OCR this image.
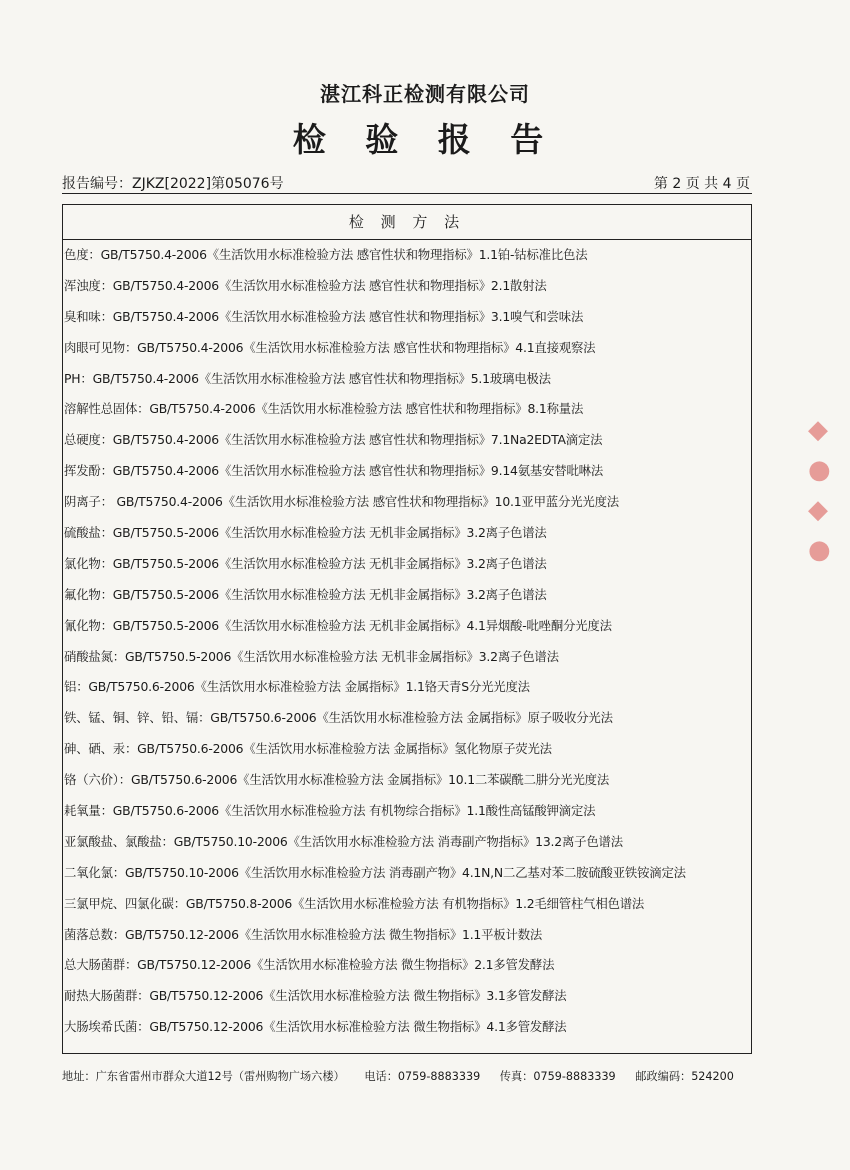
湛江科正检测有限公司
检 验 报 告
报告编号：ZJKZ[2022]第05076号	第 2 页 共 4 页
检 测 方 法
色度：GB/T5750.4-2006《生活饮用水标准检验方法 感官性状和物理指标》1.1铂-钴标准比色法
浑浊度：GB/T5750.4-2006《生活饮用水标准检验方法 感官性状和物理指标》2.1散射法
臭和味：GB/T5750.4-2006《生活饮用水标准检验方法 感官性状和物理指标》3.1嗅气和尝味法
肉眼可见物：GB/T5750.4-2006《生活饮用水标准检验方法 感官性状和物理指标》4.1直接观察法
PH：GB/T5750.4-2006《生活饮用水标准检验方法 感官性状和物理指标》5.1玻璃电极法
溶解性总固体：GB/T5750.4-2006《生活饮用水标准检验方法 感官性状和物理指标》8.1称量法
总硬度：GB/T5750.4-2006《生活饮用水标准检验方法 感官性状和物理指标》7.1Na2EDTA滴定法
挥发酚：GB/T5750.4-2006《生活饮用水标准检验方法 感官性状和物理指标》9.14氨基安替吡啉法
阴离子： GB/T5750.4-2006《生活饮用水标准检验方法 感官性状和物理指标》10.1亚甲蓝分光光度法
硫酸盐：GB/T5750.5-2006《生活饮用水标准检验方法 无机非金属指标》3.2离子色谱法
氯化物：GB/T5750.5-2006《生活饮用水标准检验方法 无机非金属指标》3.2离子色谱法
氟化物：GB/T5750.5-2006《生活饮用水标准检验方法 无机非金属指标》3.2离子色谱法
氰化物：GB/T5750.5-2006《生活饮用水标准检验方法 无机非金属指标》4.1异烟酸-吡唑酮分光度法
硝酸盐氮：GB/T5750.5-2006《生活饮用水标准检验方法 无机非金属指标》3.2离子色谱法
铝：GB/T5750.6-2006《生活饮用水标准检验方法 金属指标》1.1铬天青S分光光度法
铁、锰、铜、锌、铅、镉：GB/T5750.6-2006《生活饮用水标准检验方法 金属指标》原子吸收分光法
砷、硒、汞：GB/T5750.6-2006《生活饮用水标准检验方法 金属指标》氢化物原子荧光法
铬（六价）：GB/T5750.6-2006《生活饮用水标准检验方法 金属指标》10.1二苯碳酰二肼分光光度法
耗氧量：GB/T5750.6-2006《生活饮用水标准检验方法 有机物综合指标》1.1酸性高锰酸钾滴定法
亚氯酸盐、氯酸盐：GB/T5750.10-2006《生活饮用水标准检验方法 消毒副产物指标》13.2离子色谱法
二氧化氯：GB/T5750.10-2006《生活饮用水标准检验方法 消毒副产物》4.1N,N二乙基对苯二胺硫酸亚铁铵滴定法
三氯甲烷、四氯化碳：GB/T5750.8-2006《生活饮用水标准检验方法 有机物指标》1.2毛细管柱气相色谱法
菌落总数：GB/T5750.12-2006《生活饮用水标准检验方法 微生物指标》1.1平板计数法
总大肠菌群：GB/T5750.12-2006《生活饮用水标准检验方法 微生物指标》2.1多管发酵法
耐热大肠菌群：GB/T5750.12-2006《生活饮用水标准检验方法 微生物指标》3.1多管发酵法
大肠埃希氏菌：GB/T5750.12-2006《生活饮用水标准检验方法 微生物指标》4.1多管发酵法
地址：广东省雷州市群众大道12号（雷州购物广场六楼） 电话：0759-8883339 传真：0759-8883339 邮政编码：524200
◆
●
◆
●
